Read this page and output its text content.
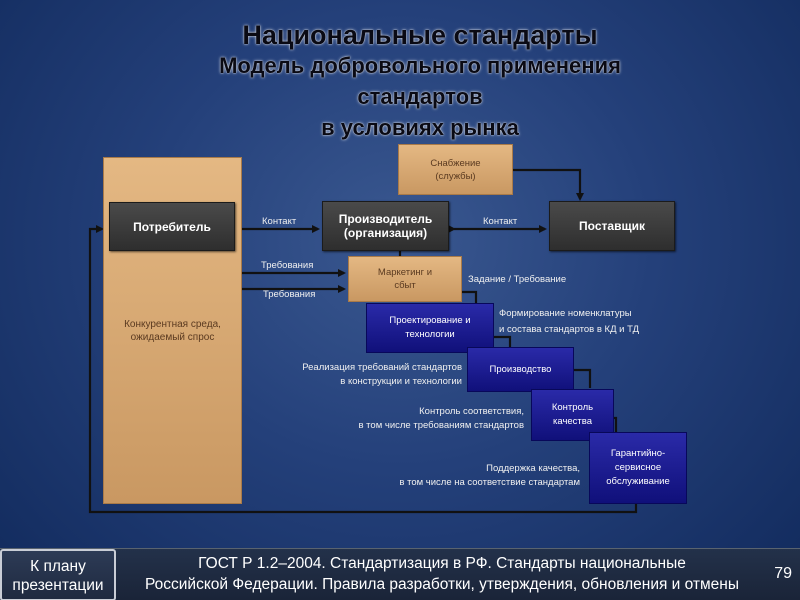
Национальные стандарты
Модель добровольного применения
стандартов
в условиях рынка
Конкурентная среда, ожидаемый спрос
Снабжение (службы)
Потребитель
Производитель (организация)	Поставщик
Маркетинг и сбыт
Проектирование и технологии
Производство
Контроль качества
Гарантийно-сервисное обслуживание
Контакт	Контакт
Требования
Требования
Задание / Требование
Формирование номенклатуры
и состава стандартов в КД и ТД
Реализация требований стандартов
в конструкции и технологии
Контроль соответствия,
в том числе требованиям стандартов
Поддержка качества,
в том числе на соответствие стандартам
К плану презентации
ГОСТ Р 1.2–2004. Стандартизация в РФ. Стандарты национальные
Российской Федерации. Правила разработки, утверждения, обновления и отмены
79
